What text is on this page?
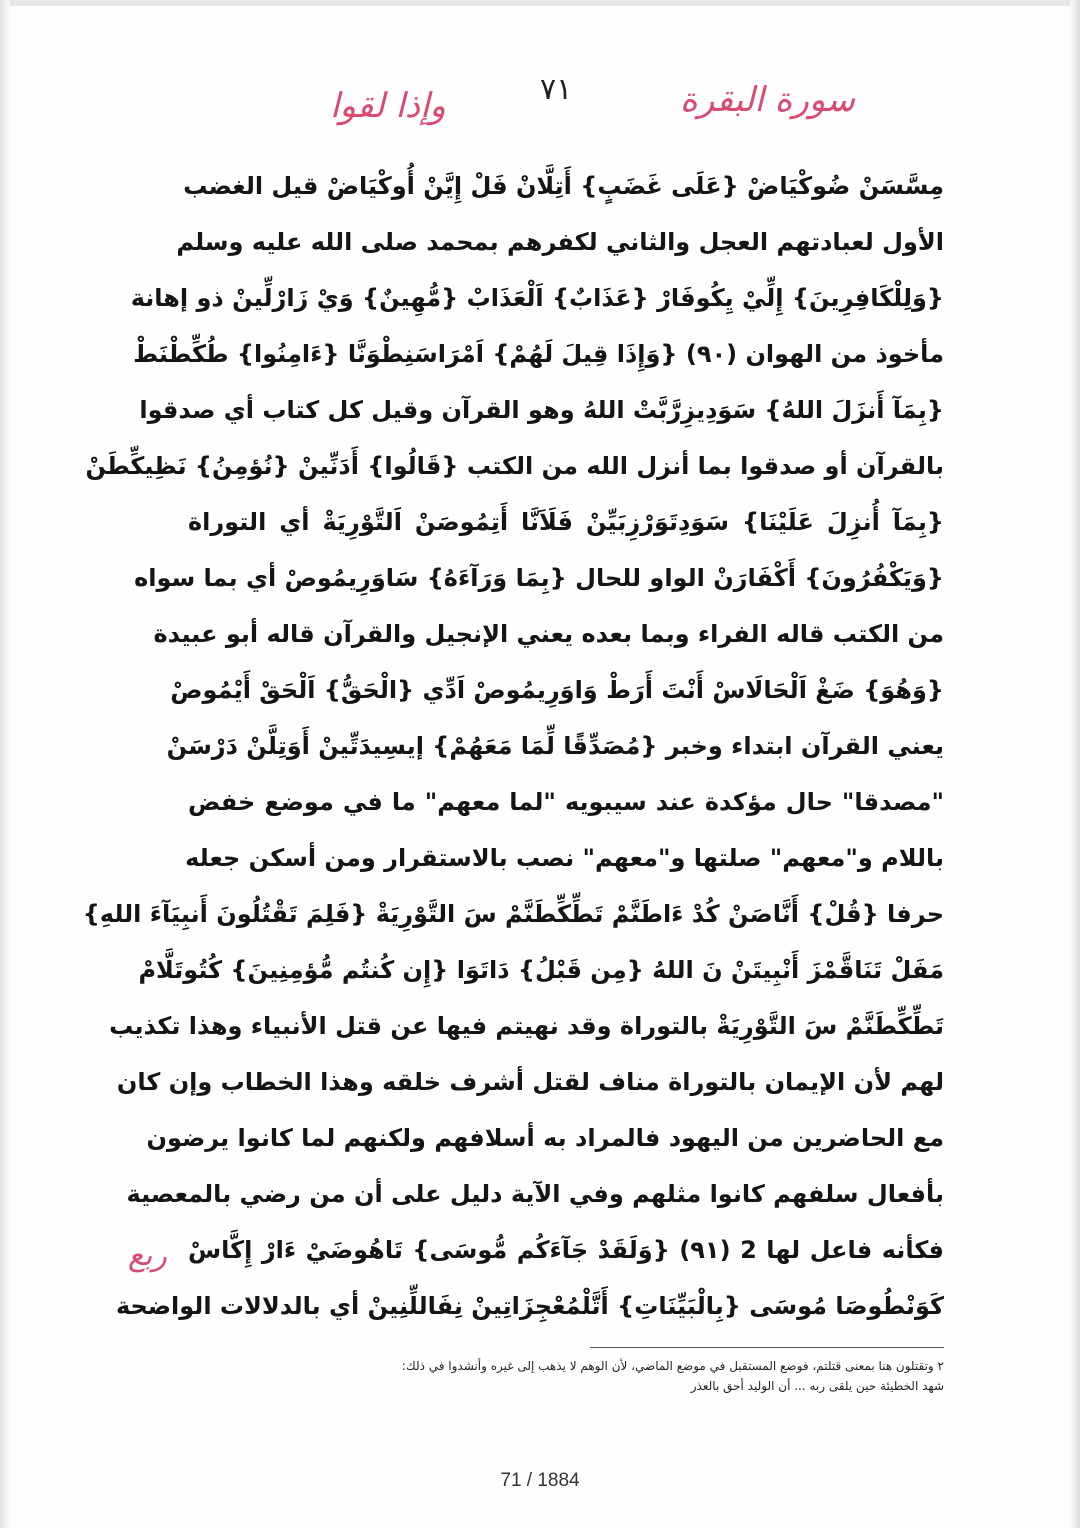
سورة البقرة
٧١
وإذا لقوا
مِسَّسَنْ ضُوكْيَاضْ {عَلَى غَضَبٍ} أَتِلَّانْ فَلْ إِيَّنْ أُوكْيَاضْ قيل الغضب
الأول لعبادتهم العجل والثاني لكفرهم بمحمد صلى الله عليه وسلم
{وَلِلْكَافِرِينَ} إِلِّيْ يِكُوفَارْ {عَذَابٌ} اَلْعَذَابْ {مُّهِينٌ} وَيْ زَارْلِّينْ ذو إهانة
مأخوذ من الهوان (٩٠) {وَإِذَا قِيلَ لَهُمْ} اَمْرَاسَنِطْوَنَّا {ءَامِنُوا} طُكِّطْنَطْ
{بِمَآ أَنزَلَ اللهُ} سَوَدِيزِرَّبَّتْ اللهُ وهو القرآن وقيل كل كتاب أي صدقوا
بالقرآن أو صدقوا بما أنزل الله من الكتب {قَالُوا} أَدَنِّينْ {نُؤمِنُ} نَظِيكِّطَنْ
{بِمَآ أُنزِلَ عَلَيْنَا} سَوَدِتَوَرْزِبَيِّنْ فَلَاَنَّا أَتِمُوصَنْ اَلتَّوْرِيَةْ أي التوراة
{وَيَكْفُرُونَ} أَكْفَارَنْ الواو للحال {بِمَا وَرَآءَهُ} سَاوَرِيمُوصْ أي بما سواه
من الكتب قاله الفراء وبما بعده يعني الإنجيل والقرآن قاله أبو عبيدة
{وَهُوَ} ضَغْ اَلْحَالَاسْ أَنْتَ أَرَطْ وَاوَرِيمُوصْ اَدِّي {الْحَقُّ} اَلْحَقْ أَيْمُوصْ
يعني القرآن ابتداء وخبر {مُصَدِّقًا لِّمَا مَعَهُمْ} إيسِيدَتِّينْ أَوَتِلَّنْ دَرْسَنْ
"مصدقا" حال مؤكدة عند سيبويه "لما معهم" ما في موضع خفض
باللام و"معهم" صلتها و"معهم" نصب بالاستقرار ومن أسكن جعله
حرفا {قُلْ} أَنَّاصَنْ كُدْ ءَاطَنَّمْ تَطِّكِّطَنَّمْ سَ التَّوْرِيَةْ {فَلِمَ تَقْتُلُونَ أَنبِيَآءَ اللهِ}
مَفَلْ تَنَاقَّمْزَ أَنْبِيتَنْ نَ اللهُ {مِن قَبْلُ} دَاتَوَا {إِن كُنتُم مُّؤمِنِينَ} كُتُوتَلَّامْ
تَطِّكِّطَنَّمْ سَ التَّوْرِيَةْ بالتوراة وقد نهيتم فيها عن قتل الأنبياء وهذا تكذيب
لهم لأن الإيمان بالتوراة مناف لقتل أشرف خلقه وهذا الخطاب وإن كان
مع الحاضرين من اليهود فالمراد به أسلافهم ولكنهم لما كانوا يرضون
بأفعال سلفهم كانوا مثلهم وفي الآية دليل على أن من رضي بالمعصية
فكأنه فاعل لها 2 (٩١) {وَلَقَدْ جَآءَكُم مُّوسَى} تَاهُوضَيْ ءَارْ إِكَّاسْ
كَوَنْطُوصَا مُوسَى {بِالْبَيِّنَاتِ} أَتَّلْمُعْجِزَاتِينْ نِفَاللِّنِينْ أي بالدلالات الواضحة
ربع
٢ وتقتلون هنا بمعنى قتلتم، فوضع المستقبل في موضع الماضي، لأن الوهم لا يذهب إلى غيره وأنشدوا في ذلك:
شهد الخطيئة حين يلقى ربه ... أن الوليد أحق بالعذر
71 / 1884
